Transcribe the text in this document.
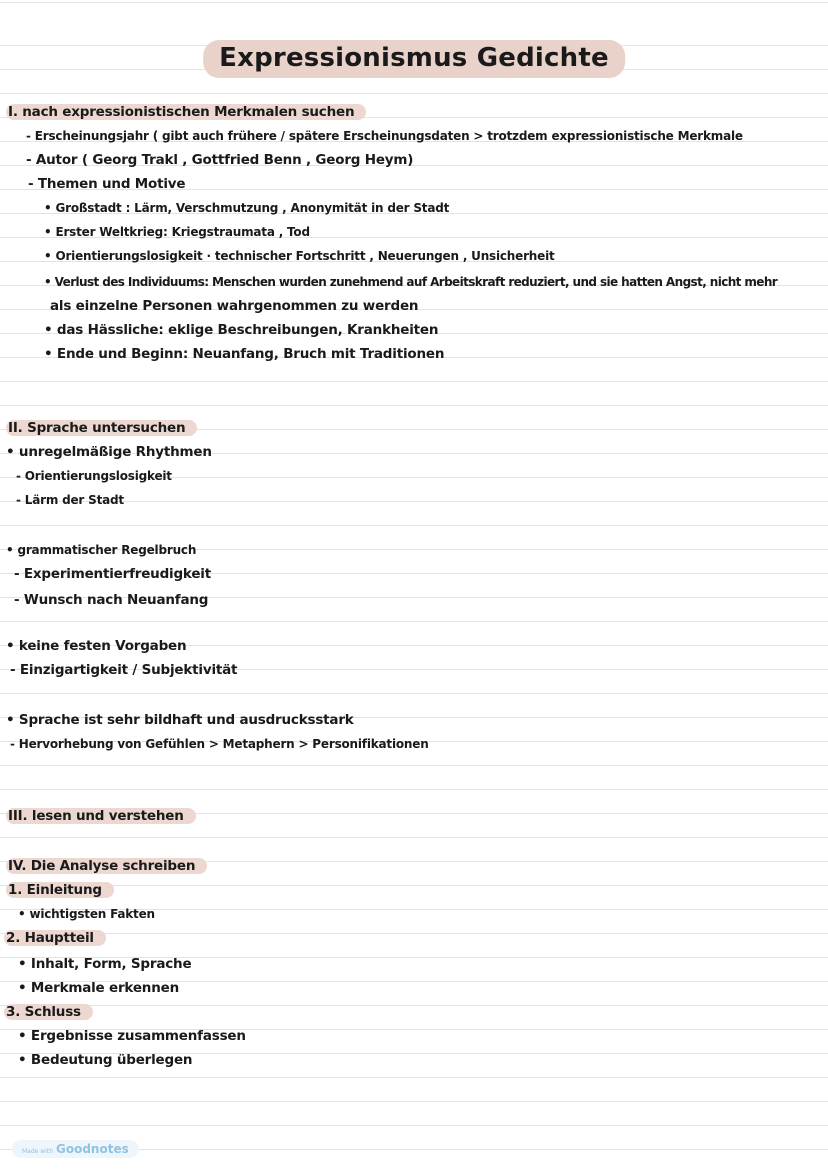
Expressionismus Gedichte
I. nach expressionistischen Merkmalen suchen
- Erscheinungsjahr ( gibt auch frühere / spätere Erscheinungsdaten > trotzdem expressionistische Merkmale
- Autor ( Georg Trakl , Gottfried Benn , Georg Heym)
- Themen und Motive
• Großstadt : Lärm, Verschmutzung , Anonymität in der Stadt
• Erster Weltkrieg: Kriegstraumata , Tod
• Orientierungslosigkeit · technischer Fortschritt , Neuerungen , Unsicherheit
• Verlust des Individuums: Menschen wurden zunehmend auf Arbeitskraft reduziert, und sie hatten Angst, nicht mehr
als einzelne Personen wahrgenommen zu werden
• das Hässliche: eklige Beschreibungen, Krankheiten
• Ende und Beginn: Neuanfang, Bruch mit Traditionen
II. Sprache untersuchen
• unregelmäßige Rhythmen
- Orientierungslosigkeit
- Lärm der Stadt
• grammatischer Regelbruch
- Experimentierfreudigkeit
- Wunsch nach Neuanfang
• keine festen Vorgaben
- Einzigartigkeit / Subjektivität
• Sprache ist sehr bildhaft und ausdrucksstark
- Hervorhebung von Gefühlen > Metaphern > Personifikationen
III. lesen und verstehen
IV. Die Analyse schreiben
1. Einleitung
• wichtigsten Fakten
2. Hauptteil
• Inhalt, Form, Sprache
• Merkmale erkennen
3. Schluss
• Ergebnisse zusammenfassen
• Bedeutung überlegen
Made with Goodnotes
